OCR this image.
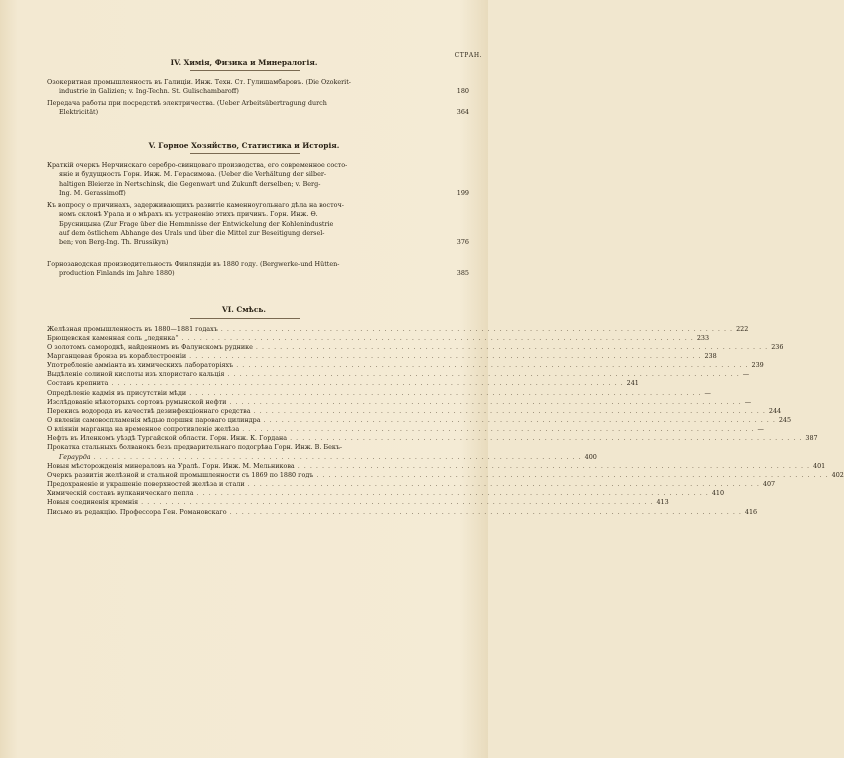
СТРАН.
IV. Химія, Физика и Минералогія.
Озокеритная промышленность въ Галиціи. Инж. Техн. Ст. Гулишамбаровъ. (Die Ozokerit-
industrie in Galizien; v. Ing-Techn. St. Gulischambaroff)	180
Передача работы при посредствѣ электричества. (Ueber Arbeitsübertragung durch
Elektricität)	364
V. Горное Хозяйство, Статистика и Исторія.
Краткій очеркъ Нерчинскаго серебро-свинцоваго производства, его современное состо-
яніе и будущность Горн. Инж. М. Герасимова. (Ueber die Verhältung der silber-
haltigen Bleierze in Nertschinsk, die Gegenwart und Zukunft derselben; v. Berg-
Ing. M. Gerassimoff)	199
Къ вопросу о причинахъ, задерживающихъ развитіе каменноугольнаго дѣла на восточ-
номъ склонѣ Урала и о мѣрахъ къ устраненію этихъ причинъ. Горн. Инж. Ѳ.
Брусницына (Zur Frage über die Hemmnisse der Entwickelung der Kohlenindustrie
auf dem östlichem Abhange des Urals und über die Mittel zur Beseitigung dersel-
ben; von Berg-Ing. Th. Brussikyn)	376
Горнозаводская производительность Финляндіи въ 1880 году. (Bergwerke-und Hütten-
production Finlands im Jahre 1880)	385
VI. Смѣсь.
Желѣзная промышленность въ 1880—1881 годахъ . . . . . . . . . . . . . . . . . . . . . . . . . . . . . . . . . . . . . . . . . . . . . . . . . . . . . . . . . . . . . . . . . . . . . . . . . . . . . . . . . . . . . 222
Брющевская каменная соль „ледянка“ . . . . . . . . . . . . . . . . . . . . . . . . . . . . . . . . . . . . . . . . . . . . . . . . . . . . . . . . . . . . . . . . . . . . . . . . . . . . . . . . . . . . . 233
О золотомъ самородкѣ, найденномъ въ Фалунскомъ руднике . . . . . . . . . . . . . . . . . . . . . . . . . . . . . . . . . . . . . . . . . . . . . . . . . . . . . . . . . . . . . . . . . . . . . . . . . . . . . . . . . . . . . 236
Марганцевая бронза въ кораблестроеніи . . . . . . . . . . . . . . . . . . . . . . . . . . . . . . . . . . . . . . . . . . . . . . . . . . . . . . . . . . . . . . . . . . . . . . . . . . . . . . . . . . . . . 238
Употребленіе амміанта въ химическихъ лабораторіяхъ . . . . . . . . . . . . . . . . . . . . . . . . . . . . . . . . . . . . . . . . . . . . . . . . . . . . . . . . . . . . . . . . . . . . . . . . . . . . . . . . . . . . . 239
Выдѣленіе солиной кислоты изъ хлористаго кальція . . . . . . . . . . . . . . . . . . . . . . . . . . . . . . . . . . . . . . . . . . . . . . . . . . . . . . . . . . . . . . . . . . . . . . . . . . . . . . . . . . . . . —
Составъ крепнита . . . . . . . . . . . . . . . . . . . . . . . . . . . . . . . . . . . . . . . . . . . . . . . . . . . . . . . . . . . . . . . . . . . . . . . . . . . . . . . . . . . . . 241
Опредѣленіе кадмія въ присутствіи мѣди . . . . . . . . . . . . . . . . . . . . . . . . . . . . . . . . . . . . . . . . . . . . . . . . . . . . . . . . . . . . . . . . . . . . . . . . . . . . . . . . . . . . . —
Изслѣдованіе нѣкоторыхъ сортовъ румынской нефти . . . . . . . . . . . . . . . . . . . . . . . . . . . . . . . . . . . . . . . . . . . . . . . . . . . . . . . . . . . . . . . . . . . . . . . . . . . . . . . . . . . . . —
Перекись водорода въ качествѣ дезинфекціоннаго средства . . . . . . . . . . . . . . . . . . . . . . . . . . . . . . . . . . . . . . . . . . . . . . . . . . . . . . . . . . . . . . . . . . . . . . . . . . . . . . . . . . . . . 244
О явленіи самовоспламенія мѣдью поршня пароваго цилиндра . . . . . . . . . . . . . . . . . . . . . . . . . . . . . . . . . . . . . . . . . . . . . . . . . . . . . . . . . . . . . . . . . . . . . . . . . . . . . . . . . . . . . 245
О вліяніи марганца на временное сопротивленіе желѣза . . . . . . . . . . . . . . . . . . . . . . . . . . . . . . . . . . . . . . . . . . . . . . . . . . . . . . . . . . . . . . . . . . . . . . . . . . . . . . . . . . . . . —
Нефть въ Иленкомъ уѣздѣ Тургайской области. Горн. Инж. К. Гордана . . . . . . . . . . . . . . . . . . . . . . . . . . . . . . . . . . . . . . . . . . . . . . . . . . . . . . . . . . . . . . . . . . . . . . . . . . . . . . . . . . . . . 387
Прокатка стальныхъ болванокъ безъ предварительнаго подогрѣва Горн. Инж. В. Бекъ-
Гераурда . . . . . . . . . . . . . . . . . . . . . . . . . . . . . . . . . . . . . . . . . . . . . . . . . . . . . . . . . . . . . . . . . . . . . . . . . . . . . . . . . 400
Новыя мѣсторожденія минераловъ на Уралѣ. Горн. Инж. М. Мельникова . . . . . . . . . . . . . . . . . . . . . . . . . . . . . . . . . . . . . . . . . . . . . . . . . . . . . . . . . . . . . . . . . . . . . . . . . . . . . . . . . . . . . 401
Очеркъ развитія желѣзной и стальной промышленности съ 1869 по 1880 годъ . . . . . . . . . . . . . . . . . . . . . . . . . . . . . . . . . . . . . . . . . . . . . . . . . . . . . . . . . . . . . . . . . . . . . . . . . . . . . . . . . . . . . 402
Предохраненіе и украшеніе поверхностей желѣза и стали . . . . . . . . . . . . . . . . . . . . . . . . . . . . . . . . . . . . . . . . . . . . . . . . . . . . . . . . . . . . . . . . . . . . . . . . . . . . . . . . . . . . . 407
Химическій составъ вулканическаго пепла . . . . . . . . . . . . . . . . . . . . . . . . . . . . . . . . . . . . . . . . . . . . . . . . . . . . . . . . . . . . . . . . . . . . . . . . . . . . . . . . . . . . . 410
Новыя соединенія кремнія . . . . . . . . . . . . . . . . . . . . . . . . . . . . . . . . . . . . . . . . . . . . . . . . . . . . . . . . . . . . . . . . . . . . . . . . . . . . . . . . . . . . . 413
Письмо въ редакцію. Профессора Ген. Романовскаго . . . . . . . . . . . . . . . . . . . . . . . . . . . . . . . . . . . . . . . . . . . . . . . . . . . . . . . . . . . . . . . . . . . . . . . . . . . . . . . . . . . . . 416
